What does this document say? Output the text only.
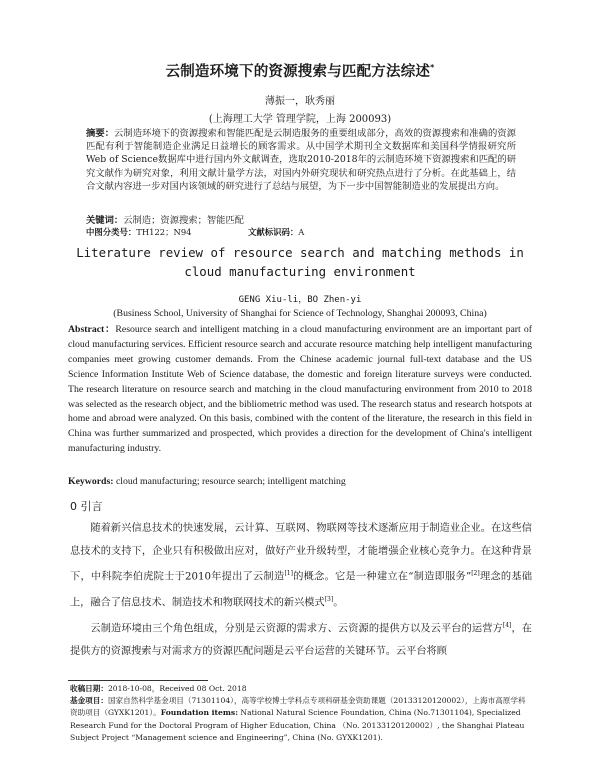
云制造环境下的资源搜索与匹配方法综述*
薄振一，耿秀丽
(上海理工大学 管理学院，上海 200093)
摘要：云制造环境下的资源搜索和智能匹配是云制造服务的重要组成部分，高效的资源搜索和准确的资源匹配有利于智能制造企业满足日益增长的顾客需求。从中国学术期刊全文数据库和美国科学情报研究所Web of Science数据库中进行国内外文献调查，选取2010-2018年的云制造环境下资源搜索和匹配的研究文献作为研究对象，利用文献计量学方法，对国内外研究现状和研究热点进行了分析。在此基础上，结合文献内容进一步对国内该领域的研究进行了总结与展望，为下一步中国智能制造业的发展提出方向。
关键词：云制造；资源搜索；智能匹配
中图分类号：TH122；N94	文献标识码：A
Literature review of resource search and matching methods in cloud manufacturing environment
GENG Xiu-li，BO Zhen-yi
(Business School, University of Shanghai for Science of Technology, Shanghai 200093, China)
Abstract：Resource search and intelligent matching in a cloud manufacturing environment are an important part of cloud manufacturing services. Efficient resource search and accurate resource matching help intelligent manufacturing companies meet growing customer demands. From the Chinese academic journal full-text database and the US Science Information Institute Web of Science database, the domestic and foreign literature surveys were conducted. The research literature on resource search and matching in the cloud manufacturing environment from 2010 to 2018 was selected as the research object, and the bibliometric method was used. The research status and research hotspots at home and abroad were analyzed. On this basis, combined with the content of the literature, the research in this field in China was further summarized and prospected, which provides a direction for the development of China's intelligent manufacturing industry.
Keywords: cloud manufacturing; resource search; intelligent matching
0 引言

随着新兴信息技术的快速发展，云计算、互联网、物联网等技术逐渐应用于制造业企业。在这些信息技术的支持下，企业只有积极做出应对，做好产业升级转型，才能增强企业核心竞争力。在这种背景下，中科院李伯虎院士于2010年提出了云制造[1]的概念。它是一种建立在“制造即服务”[2]理念的基础上，融合了信息技术、制造技术和物联网技术的新兴模式[3]。

云制造环境由三个角色组成，分别是云资源的需求方、云资源的提供方以及云平台的运营方[4]，在提供方的资源搜索与对需求方的资源匹配问题是云平台运营的关键环节。云平台将顾

收稿日期：2018-10-08，Received 08 Oct. 2018
基金项目：国家自然科学基金项目（71301104），高等学校博士学科点专项科研基金资助课题（20133120120002），上海市高原学科资助项目（GYXK1201）。Foundation items: National Natural Science Foundation, China (No.71301104), Specialized Research Fund for the Doctoral Program of Higher Education, China （No. 20133120120002）, the Shanghai Plateau Subject Project “Management science and Engineering”, China (No. GYXK1201).
